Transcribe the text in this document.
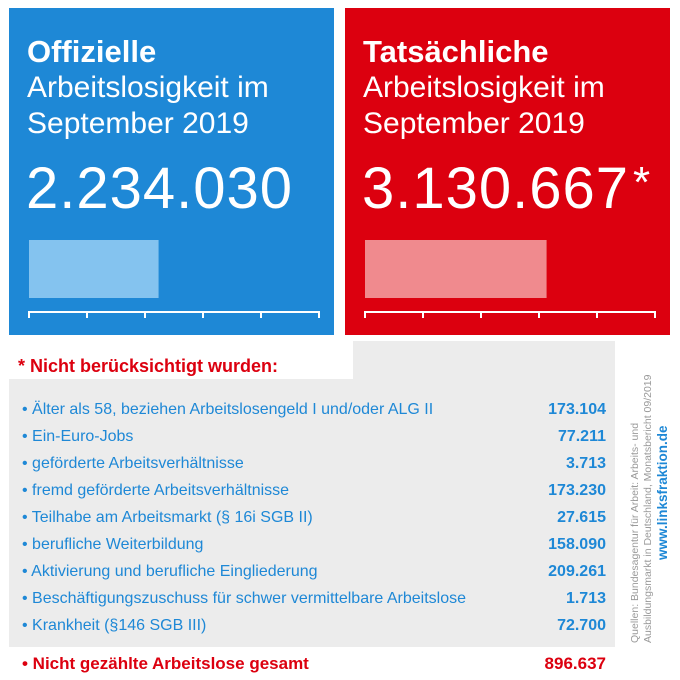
Offizielle
Arbeitslosigkeit im
September 2019
2.234.030
Tatsächliche
Arbeitslosigkeit im
September 2019
3.130.667*
* Nicht berücksichtigt wurden:
• Älter als 58, beziehen Arbeitslosengeld I und/oder ALG II	173.104
• Ein-Euro-Jobs	77.211
• geförderte Arbeitsverhältnisse	3.713
• fremd geförderte Arbeitsverhältnisse	173.230
• Teilhabe am Arbeitsmarkt (§ 16i SGB II)	27.615
• berufliche Weiterbildung	158.090
• Aktivierung und berufliche Eingliederung	209.261
• Beschäftigungszuschuss für schwer vermittelbare Arbeitslose	1.713
• Krankheit (§146 SGB III)	72.700
• Nicht gezählte Arbeitslose gesamt	896.637
Quellen: Bundesagentur für Arbeit: Arbeits- und Ausbildungsmarkt in Deutschland, Monatsbericht 09/2019 www.linksfraktion.de
